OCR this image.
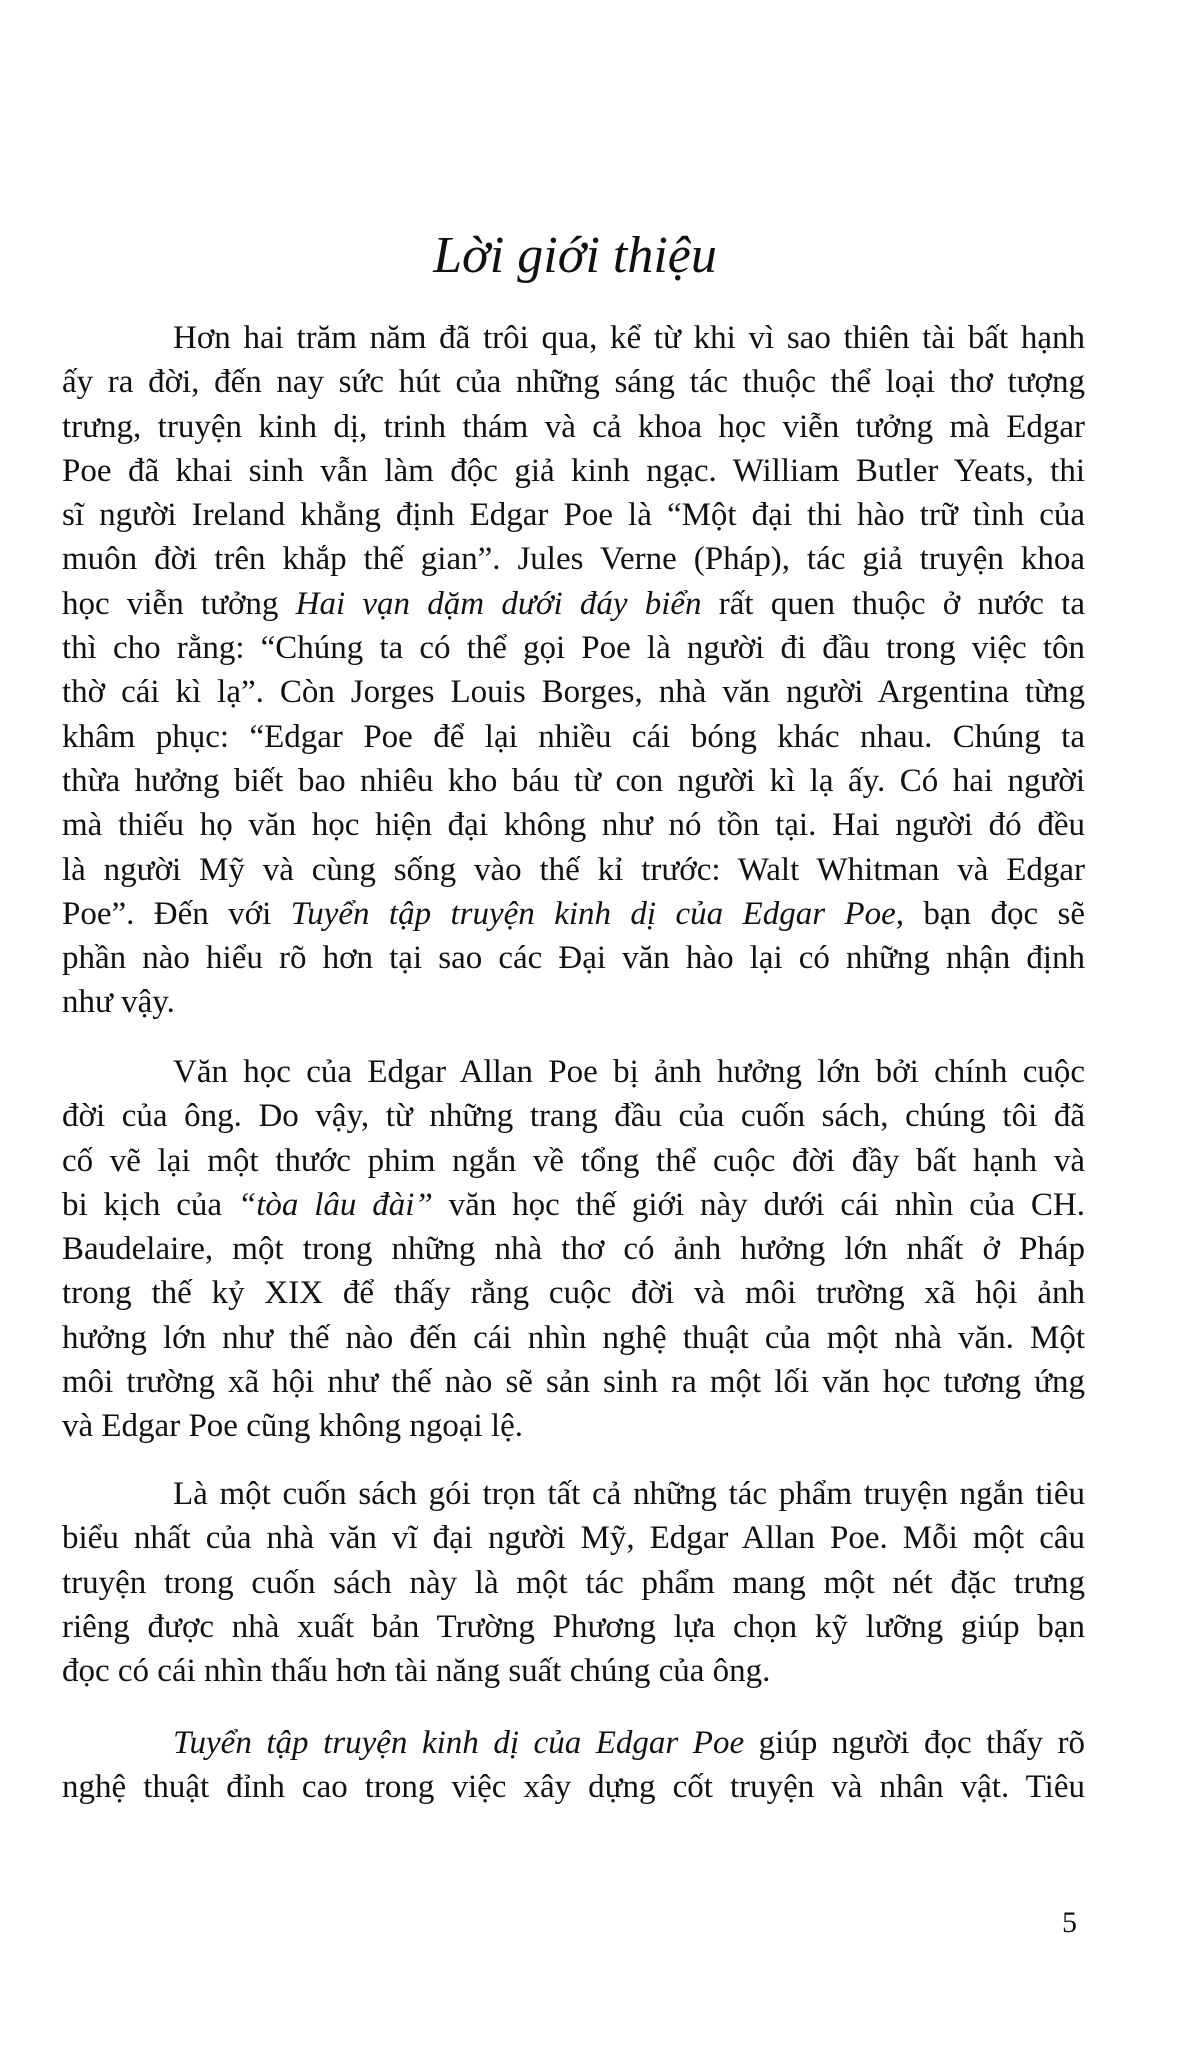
Lời giới thiệu
Hơn hai trăm năm đã trôi qua, kể từ khi vì sao thiên tài bất hạnh
ấy ra đời, đến nay sức hút của những sáng tác thuộc thể loại thơ tượng
trưng, truyện kinh dị, trinh thám và cả khoa học viễn tưởng mà Edgar
Poe đã khai sinh vẫn làm độc giả kinh ngạc. William Butler Yeats, thi
sĩ người Ireland khẳng định Edgar Poe là “Một đại thi hào trữ tình của
muôn đời trên khắp thế gian”. Jules Verne (Pháp), tác giả truyện khoa
học viễn tưởng Hai vạn dặm dưới đáy biển rất quen thuộc ở nước ta
thì cho rằng: “Chúng ta có thể gọi Poe là người đi đầu trong việc tôn
thờ cái kì lạ”. Còn Jorges Louis Borges, nhà văn người Argentina từng
khâm phục: “Edgar Poe để lại nhiều cái bóng khác nhau. Chúng ta
thừa hưởng biết bao nhiêu kho báu từ con người kì lạ ấy. Có hai người
mà thiếu họ văn học hiện đại không như nó tồn tại. Hai người đó đều
là người Mỹ và cùng sống vào thế kỉ trước: Walt Whitman và Edgar
Poe”. Đến với Tuyển tập truyện kinh dị của Edgar Poe, bạn đọc sẽ
phần nào hiểu rõ hơn tại sao các Đại văn hào lại có những nhận định
như vậy.
Văn học của Edgar Allan Poe bị ảnh hưởng lớn bởi chính cuộc
đời của ông. Do vậy, từ những trang đầu của cuốn sách, chúng tôi đã
cố vẽ lại một thước phim ngắn về tổng thể cuộc đời đầy bất hạnh và
bi kịch của “tòa lâu đài” văn học thế giới này dưới cái nhìn của CH.
Baudelaire, một trong những nhà thơ có ảnh hưởng lớn nhất ở Pháp
trong thế kỷ XIX để thấy rằng cuộc đời và môi trường xã hội ảnh
hưởng lớn như thế nào đến cái nhìn nghệ thuật của một nhà văn. Một
môi trường xã hội như thế nào sẽ sản sinh ra một lối văn học tương ứng
và Edgar Poe cũng không ngoại lệ.
Là một cuốn sách gói trọn tất cả những tác phẩm truyện ngắn tiêu
biểu nhất của nhà văn vĩ đại người Mỹ, Edgar Allan Poe. Mỗi một câu
truyện trong cuốn sách này là một tác phẩm mang một nét đặc trưng
riêng được nhà xuất bản Trường Phương lựa chọn kỹ lưỡng giúp bạn
đọc có cái nhìn thấu hơn tài năng suất chúng của ông.
Tuyển tập truyện kinh dị của Edgar Poe giúp người đọc thấy rõ
nghệ thuật đỉnh cao trong việc xây dựng cốt truyện và nhân vật. Tiêu
5
